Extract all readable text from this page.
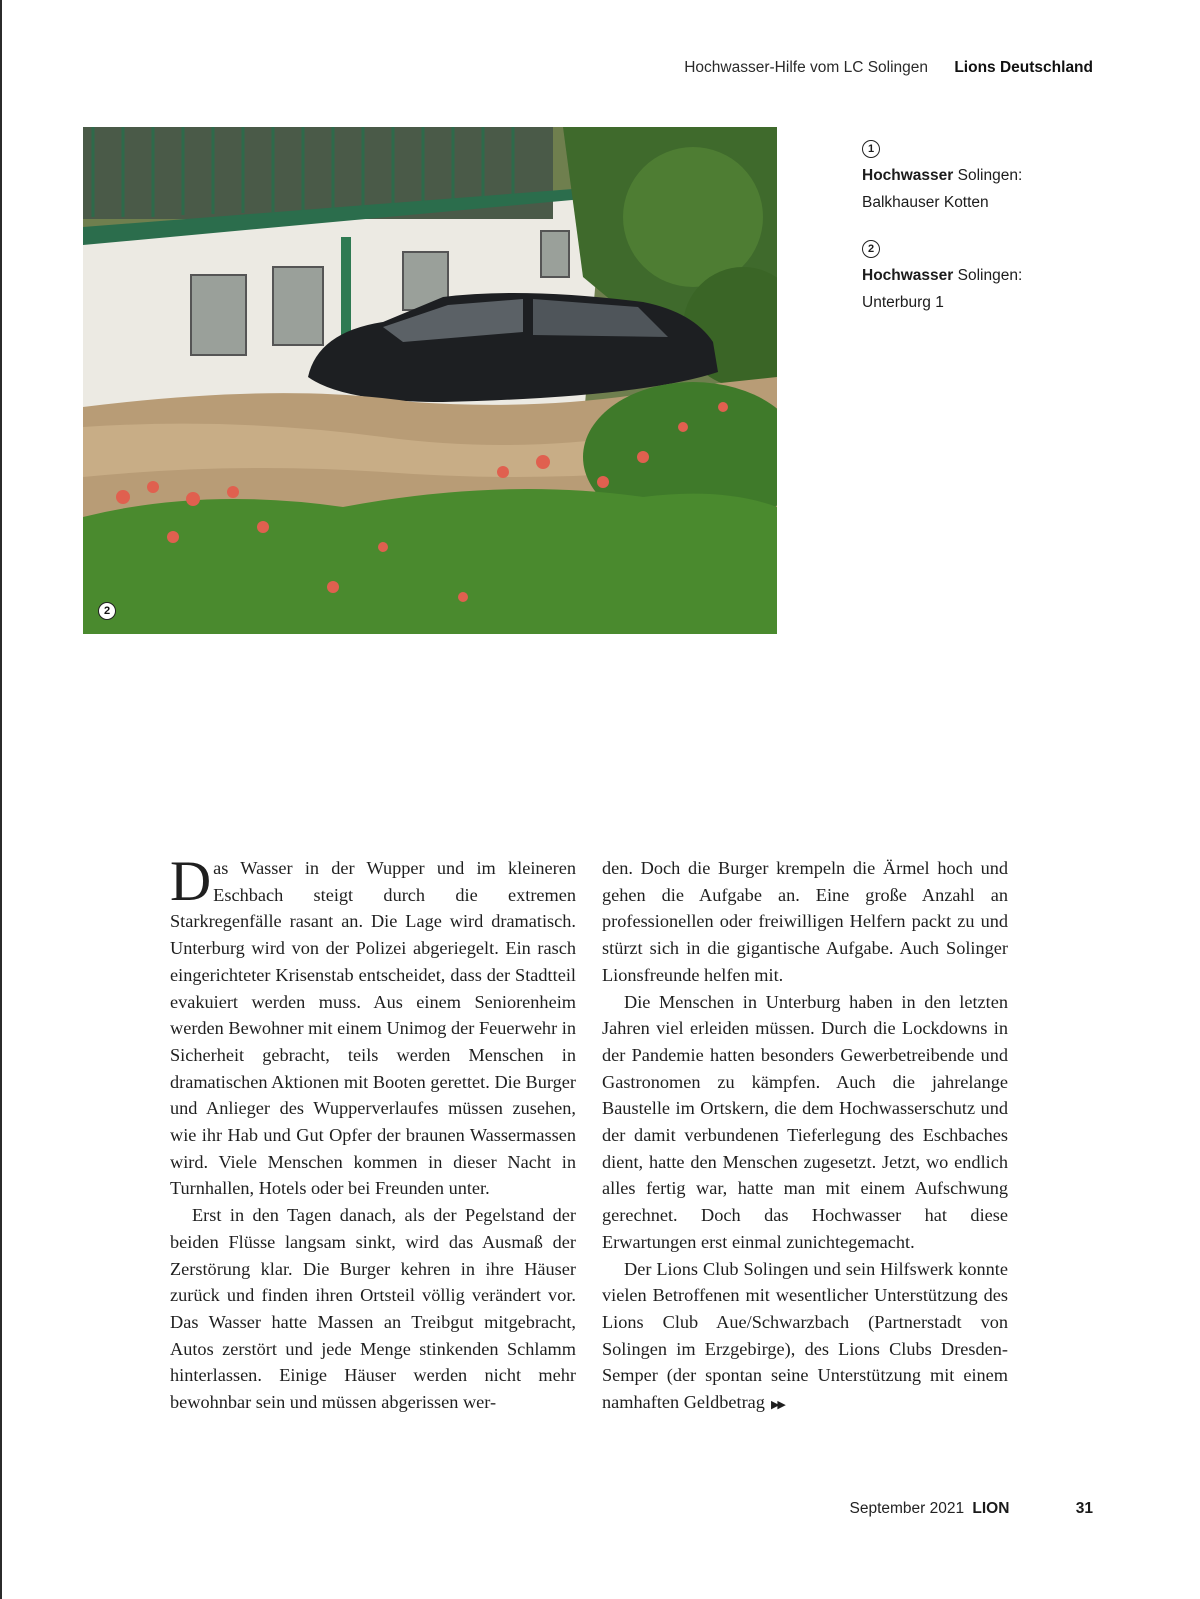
Hochwasser-Hilfe vom LC Solingen Lions Deutschland
2
1
Hochwasser Solingen:
Balkhauser Kotten
2
Hochwasser Solingen:
Unterburg 1

Das Wasser in der Wupper und im kleineren Eschbach steigt durch die extremen Starkregenfälle rasant an. Die Lage wird dramatisch. Unterburg wird von der Polizei abgeriegelt. Ein rasch eingerichteter Krisenstab entscheidet, dass der Stadtteil evakuiert werden muss. Aus einem Seniorenheim werden Bewohner mit einem Unimog der Feuerwehr in Sicherheit gebracht, teils werden Menschen in dramatischen Aktionen mit Booten gerettet. Die Burger und Anlieger des Wupperverlaufes müssen zusehen, wie ihr Hab und Gut Opfer der braunen Wassermassen wird. Viele Menschen kommen in dieser Nacht in Turnhallen, Hotels oder bei Freunden unter.

Erst in den Tagen danach, als der Pegelstand der beiden Flüsse langsam sinkt, wird das Ausmaß der Zerstörung klar. Die Burger kehren in ihre Häuser zurück und finden ihren Ortsteil völlig verändert vor. Das Wasser hatte Massen an Treibgut mitgebracht, Autos zerstört und jede Menge stinkenden Schlamm hinterlassen. Einige Häuser werden nicht mehr bewohnbar sein und müssen abgerissen wer-

den. Doch die Burger krempeln die Ärmel hoch und gehen die Aufgabe an. Eine große Anzahl an professionellen oder freiwilligen Helfern packt zu und stürzt sich in die gigantische Aufgabe. Auch Solinger Lionsfreunde helfen mit.

Die Menschen in Unterburg haben in den letzten Jahren viel erleiden müssen. Durch die Lockdowns in der Pandemie hatten besonders Gewerbetreibende und Gastronomen zu kämpfen. Auch die jahrelange Baustelle im Ortskern, die dem Hochwasserschutz und der damit verbundenen Tieferlegung des Eschbaches dient, hatte den Menschen zugesetzt. Jetzt, wo endlich alles fertig war, hatte man mit einem Aufschwung gerechnet. Doch das Hochwasser hat diese Erwartungen erst einmal zunichtegemacht.

Der Lions Club Solingen und sein Hilfswerk konnte vielen Betroffenen mit wesentlicher Unterstützung des Lions Club Aue/Schwarzbach (Partnerstadt von Solingen im Erzgebirge), des Lions Clubs Dresden-Semper (der spontan seine Unterstützung mit einem namhaften Geldbetrag ▶▶

September 2021 LION	31
